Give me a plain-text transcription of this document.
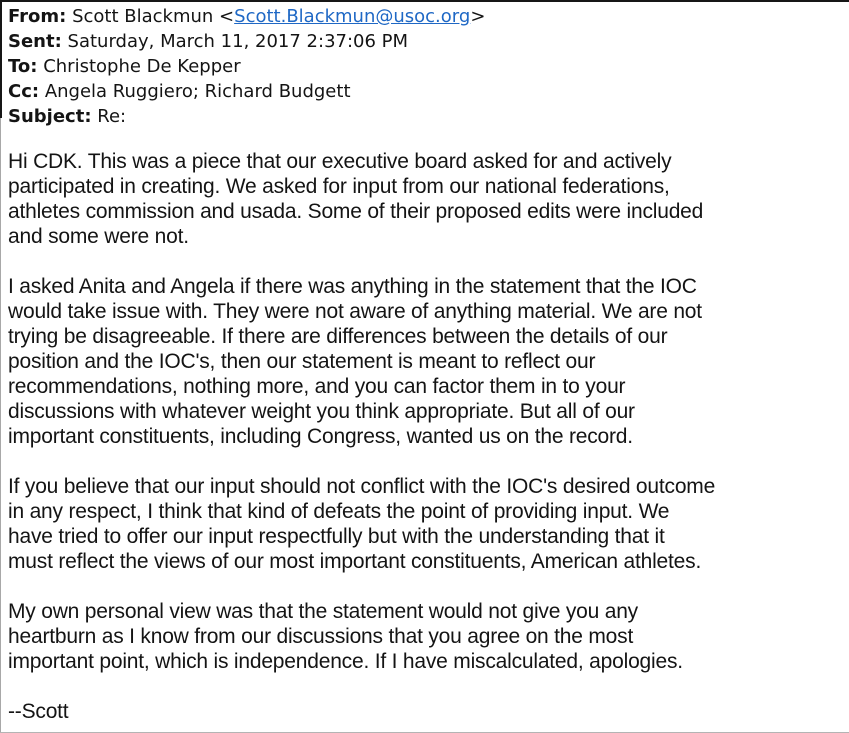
From: Scott Blackmun <Scott.Blackmun@usoc.org>
Sent: Saturday, March 11, 2017 2:37:06 PM
To: Christophe De Kepper
Cc: Angela Ruggiero; Richard Budgett
Subject: Re:

Hi CDK. This was a piece that our executive board asked for and actively
participated in creating. We asked for input from our national federations,
athletes commission and usada. Some of their proposed edits were included
and some were not.

I asked Anita and Angela if there was anything in the statement that the IOC
would take issue with. They were not aware of anything material. We are not
trying be disagreeable. If there are differences between the details of our
position and the IOC's, then our statement is meant to reflect our
recommendations, nothing more, and you can factor them in to your
discussions with whatever weight you think appropriate. But all of our
important constituents, including Congress, wanted us on the record.

If you believe that our input should not conflict with the IOC's desired outcome
in any respect, I think that kind of defeats the point of providing input. We
have tried to offer our input respectfully but with the understanding that it
must reflect the views of our most important constituents, American athletes.

My own personal view was that the statement would not give you any
heartburn as I know from our discussions that you agree on the most
important point, which is independence. If I have miscalculated, apologies.

--Scott
